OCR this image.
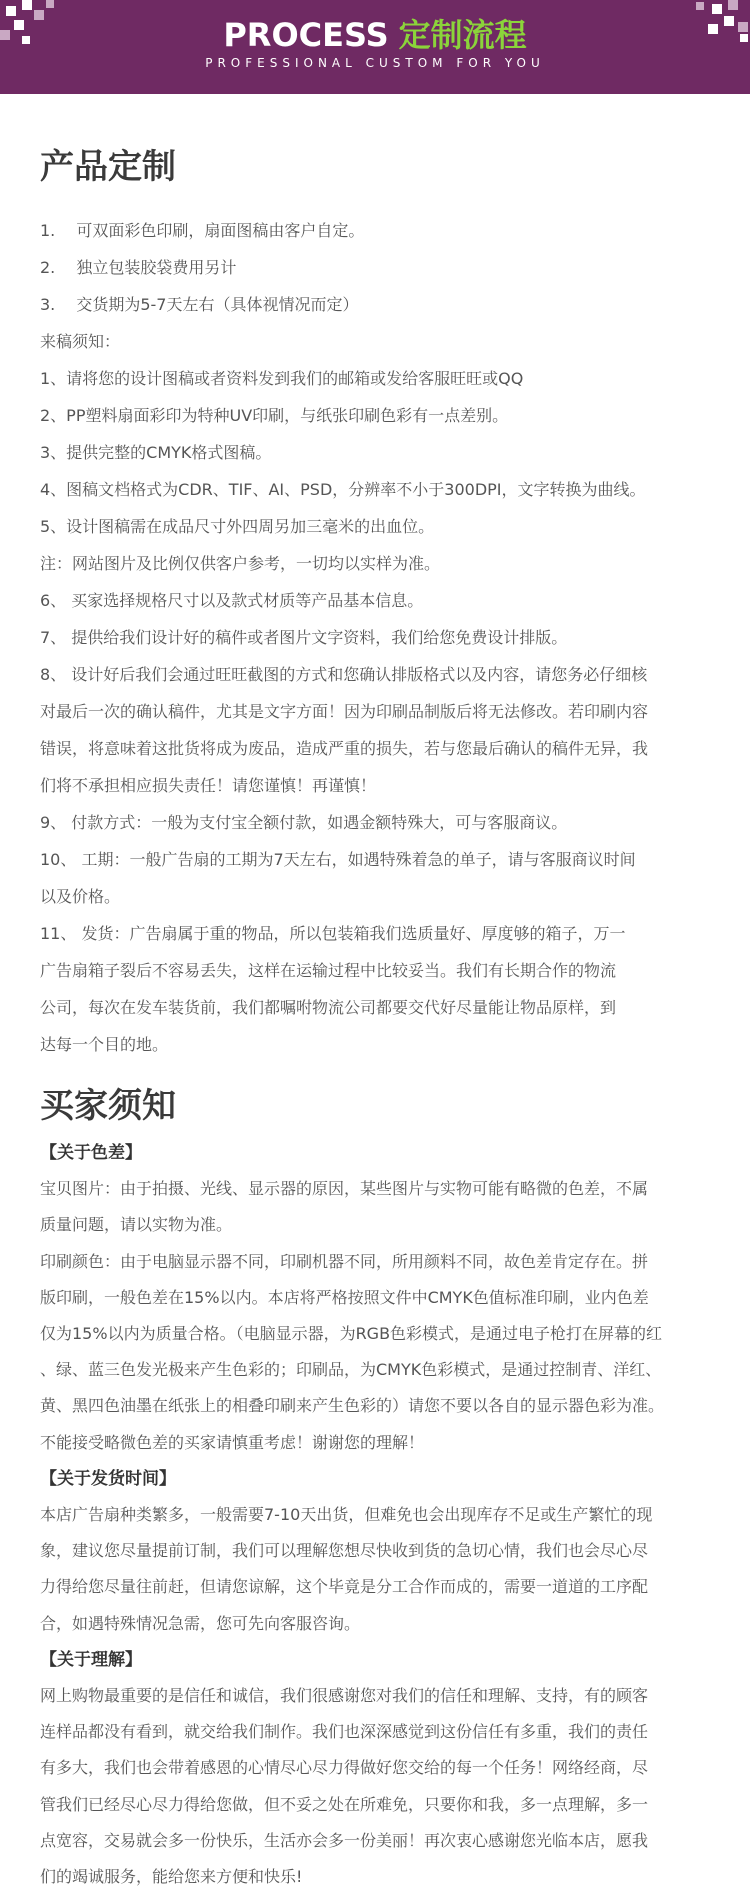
PROCESS 定制流程
PROFESSIONAL CUSTOM FOR YOU
产品定制
1.　 可双面彩色印刷，扇面图稿由客户自定。
2.　 独立包装胶袋费用另计
3.　 交货期为5-7天左右（具体视情况而定）
来稿须知：
1、请将您的设计图稿或者资料发到我们的邮箱或发给客服旺旺或QQ
2、PP塑料扇面彩印为特种UV印刷，与纸张印刷色彩有一点差别。
3、提供完整的CMYK格式图稿。
4、图稿文档格式为CDR、TIF、AI、PSD，分辨率不小于300DPI，文字转换为曲线。
5、设计图稿需在成品尺寸外四周另加三毫米的出血位。
注：网站图片及比例仅供客户参考，一切均以实样为准。
6、 买家选择规格尺寸以及款式材质等产品基本信息。
7、 提供给我们设计好的稿件或者图片文字资料，我们给您免费设计排版。
8、 设计好后我们会通过旺旺截图的方式和您确认排版格式以及内容，请您务必仔细核
对最后一次的确认稿件，尤其是文字方面！因为印刷品制版后将无法修改。若印刷内容
错误，将意味着这批货将成为废品，造成严重的损失，若与您最后确认的稿件无异，我
们将不承担相应损失责任！请您谨慎！再谨慎！
9、 付款方式：一般为支付宝全额付款，如遇金额特殊大，可与客服商议。
10、 工期：一般广告扇的工期为7天左右，如遇特殊着急的单子，请与客服商议时间
以及价格。
11、 发货：广告扇属于重的物品，所以包装箱我们选质量好、厚度够的箱子，万一
广告扇箱子裂后不容易丢失，这样在运输过程中比较妥当。我们有长期合作的物流
公司，每次在发车装货前，我们都嘱咐物流公司都要交代好尽量能让物品原样，到
达每一个目的地。
买家须知
【关于色差】
宝贝图片：由于拍摄、光线、显示器的原因，某些图片与实物可能有略微的色差，不属
质量问题，请以实物为准。
印刷颜色：由于电脑显示器不同，印刷机器不同，所用颜料不同，故色差肯定存在。拼
版印刷，一般色差在15%以内。本店将严格按照文件中CMYK色值标准印刷，业内色差
仅为15%以内为质量合格。（电脑显示器，为RGB色彩模式，是通过电子枪打在屏幕的红
、绿、蓝三色发光极来产生色彩的；印刷品，为CMYK色彩模式，是通过控制青、洋红、
黄、黑四色油墨在纸张上的相叠印刷来产生色彩的）请您不要以各自的显示器色彩为准。
不能接受略微色差的买家请慎重考虑！谢谢您的理解！
【关于发货时间】
本店广告扇种类繁多，一般需要7-10天出货，但难免也会出现库存不足或生产繁忙的现
象，建议您尽量提前订制，我们可以理解您想尽快收到货的急切心情，我们也会尽心尽
力得给您尽量往前赶，但请您谅解，这个毕竟是分工合作而成的，需要一道道的工序配
合，如遇特殊情况急需，您可先向客服咨询。
【关于理解】
网上购物最重要的是信任和诚信，我们很感谢您对我们的信任和理解、支持，有的顾客
连样品都没有看到，就交给我们制作。我们也深深感觉到这份信任有多重，我们的责任
有多大，我们也会带着感恩的心情尽心尽力得做好您交给的每一个任务！网络经商，尽
管我们已经尽心尽力得给您做，但不妥之处在所难免，只要你和我，多一点理解，多一
点宽容，交易就会多一份快乐，生活亦会多一份美丽！再次衷心感谢您光临本店，愿我
们的竭诚服务，能给您来方便和快乐!
